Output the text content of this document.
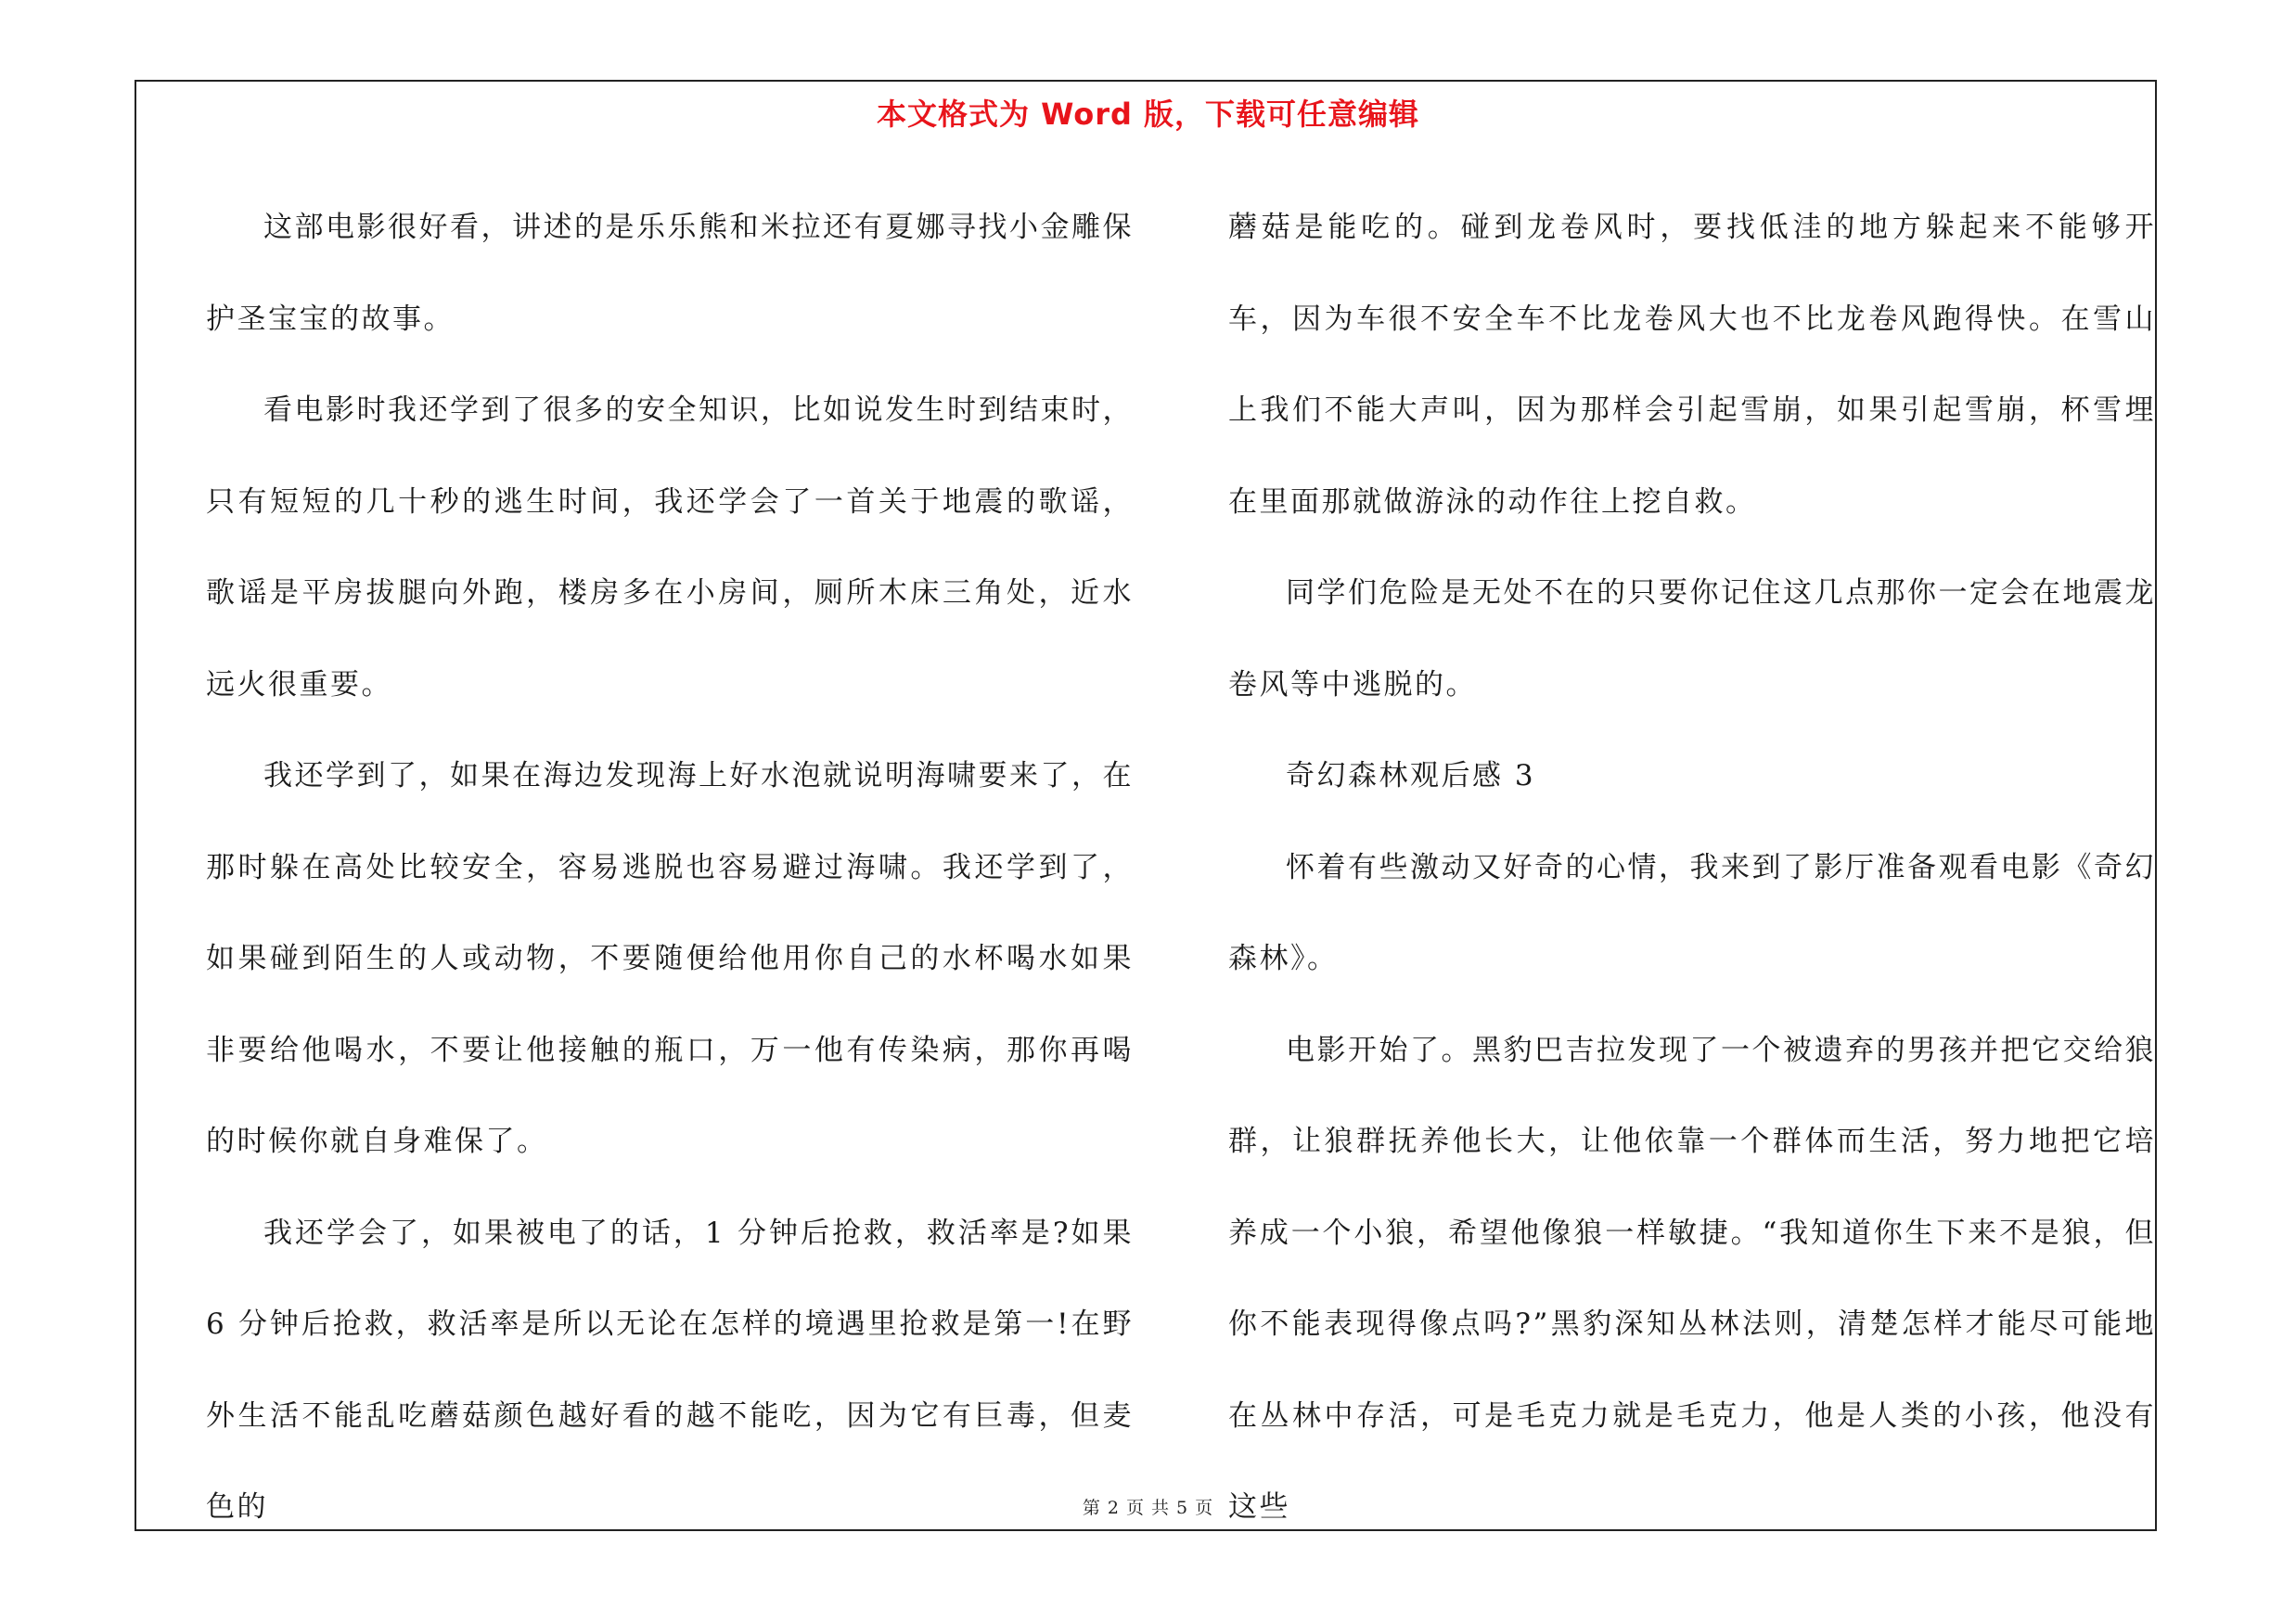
本文格式为 Word 版，下载可任意编辑

这部电影很好看，讲述的是乐乐熊和米拉还有夏娜寻找小金雕保护圣宝宝的故事。

看电影时我还学到了很多的安全知识，比如说发生时到结束时，只有短短的几十秒的逃生时间，我还学会了一首关于地震的歌谣，歌谣是平房拔腿向外跑，楼房多在小房间，厕所木床三角处，近水远火很重要。

我还学到了，如果在海边发现海上好水泡就说明海啸要来了，在那时躲在高处比较安全，容易逃脱也容易避过海啸。我还学到了，如果碰到陌生的人或动物，不要随便给他用你自己的水杯喝水如果非要给他喝水，不要让他接触的瓶口，万一他有传染病，那你再喝的时候你就自身难保了。

我还学会了，如果被电了的话，1 分钟后抢救，救活率是?如果 6 分钟后抢救，救活率是所以无论在怎样的境遇里抢救是第一!在野外生活不能乱吃蘑菇颜色越好看的越不能吃，因为它有巨毒，但麦色的

蘑菇是能吃的。碰到龙卷风时，要找低洼的地方躲起来不能够开车，因为车很不安全车不比龙卷风大也不比龙卷风跑得快。在雪山上我们不能大声叫，因为那样会引起雪崩，如果引起雪崩，杯雪埋在里面那就做游泳的动作往上挖自救。

同学们危险是无处不在的只要你记住这几点那你一定会在地震龙卷风等中逃脱的。

奇幻森林观后感 3

怀着有些激动又好奇的心情，我来到了影厅准备观看电影《奇幻森林》。

电影开始了。黑豹巴吉拉发现了一个被遗弃的男孩并把它交给狼群，让狼群抚养他长大，让他依靠一个群体而生活，努力地把它培养成一个小狼，希望他像狼一样敏捷。“我知道你生下来不是狼，但你不能表现得像点吗?”黑豹深知丛林法则，清楚怎样才能尽可能地在丛林中存活，可是毛克力就是毛克力，他是人类的小孩，他没有这些

第 2 页 共 5 页
